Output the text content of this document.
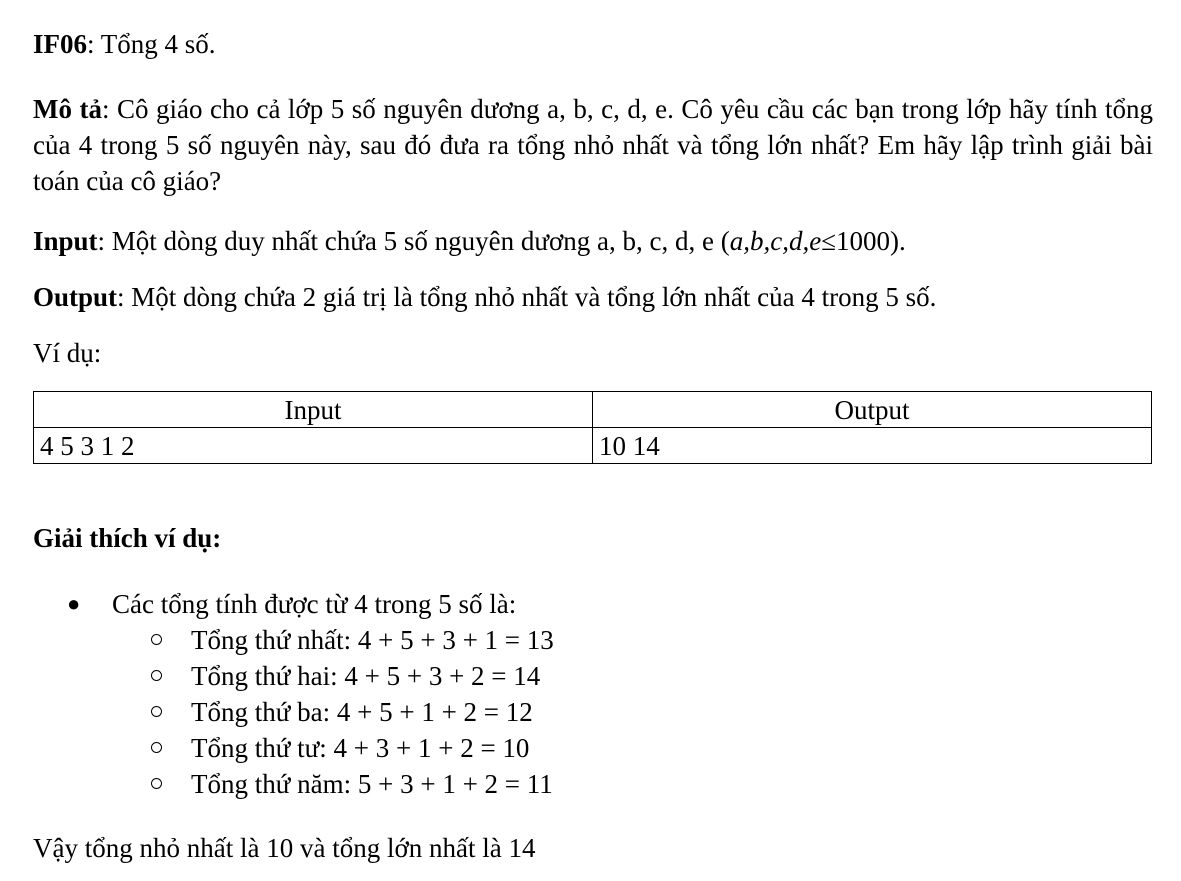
IF06: Tổng 4 số.

Mô tả: Cô giáo cho cả lớp 5 số nguyên dương a, b, c, d, e. Cô yêu cầu các bạn trong lớp hãy tính tổng của 4 trong 5 số nguyên này, sau đó đưa ra tổng nhỏ nhất và tổng lớn nhất? Em hãy lập trình giải bài toán của cô giáo?

Input: Một dòng duy nhất chứa 5 số nguyên dương a, b, c, d, e (a,b,c,d,e≤1000).

Output: Một dòng chứa 2 giá trị là tổng nhỏ nhất và tổng lớn nhất của 4 trong 5 số.

Ví dụ:

Input	Output
4 5 3 1 2	10 14

Giải thích ví dụ:

● Các tổng tính được từ 4 trong 5 số là:
Tổng thứ nhất: 4 + 5 + 3 + 1 = 13
Tổng thứ hai: 4 + 5 + 3 + 2 = 14
Tổng thứ ba: 4 + 5 + 1 + 2 = 12
Tổng thứ tư: 4 + 3 + 1 + 2 = 10
Tổng thứ năm: 5 + 3 + 1 + 2 = 11

Vậy tổng nhỏ nhất là 10 và tổng lớn nhất là 14
